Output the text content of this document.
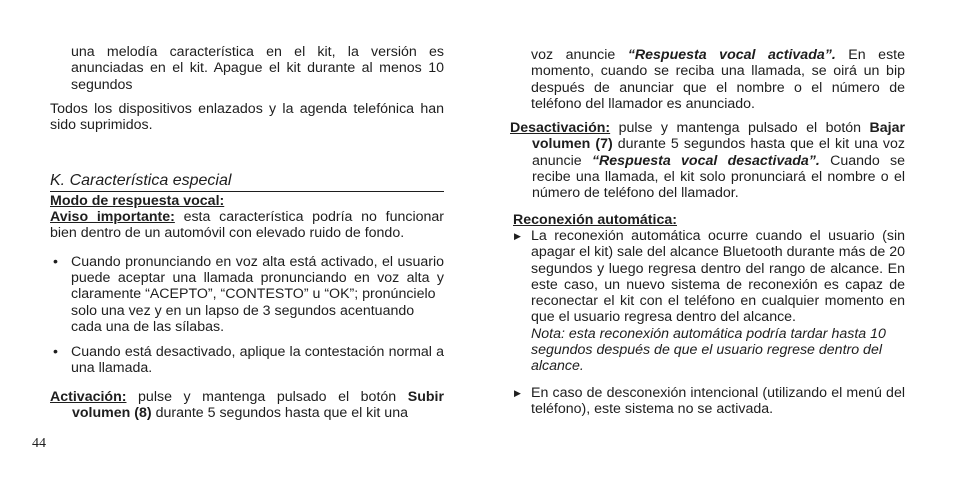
una melodía característica en el kit, la versión es anunciadas en el kit. Apague el kit durante al menos 10 segundos

Todos los dispositivos enlazados y la agenda telefónica han sido suprimidos.

K. Característica especial

Modo de respuesta vocal:

Aviso importante: esta característica podría no funcionar bien dentro de un automóvil con elevado ruido de fondo.

• Cuando pronunciando en voz alta está activado, el usuario puede aceptar una llamada pronunciando en voz alta y claramente “ACEPTO”, “CONTESTO” u “OK”; pronúncielo

solo una vez y en un lapso de 3 segundos acentuando cada una de las sílabas.

• Cuando está desactivado, aplique la contestación normal a una llamada.

Activación: pulse y mantenga pulsado el botón Subir volumen (8) durante 5 segundos hasta que el kit una

voz anuncie “Respuesta vocal activada”. En este momento, cuando se reciba una llamada, se oirá un bip después de anunciar que el nombre o el número de teléfono del llamador es anunciado.

Desactivación: pulse y mantenga pulsado el botón Bajar volumen (7) durante 5 segundos hasta que el kit una voz anuncie “Respuesta vocal desactivada”. Cuando se recibe una llamada, el kit solo pronunciará el nombre o el número de teléfono del llamador.

Reconexión automática:

▶ La reconexión automática ocurre cuando el usuario (sin apagar el kit) sale del alcance Bluetooth durante más de 20 segundos y luego regresa dentro del rango de alcance. En este caso, un nuevo sistema de reconexión es capaz de reconectar el kit con el teléfono en cualquier momento en que el usuario regresa dentro del alcance.

Nota: esta reconexión automática podría tardar hasta 10 segundos después de que el usuario regrese dentro del alcance.

▶ En caso de desconexión intencional (utilizando el menú del teléfono), este sistema no se activada.

44
